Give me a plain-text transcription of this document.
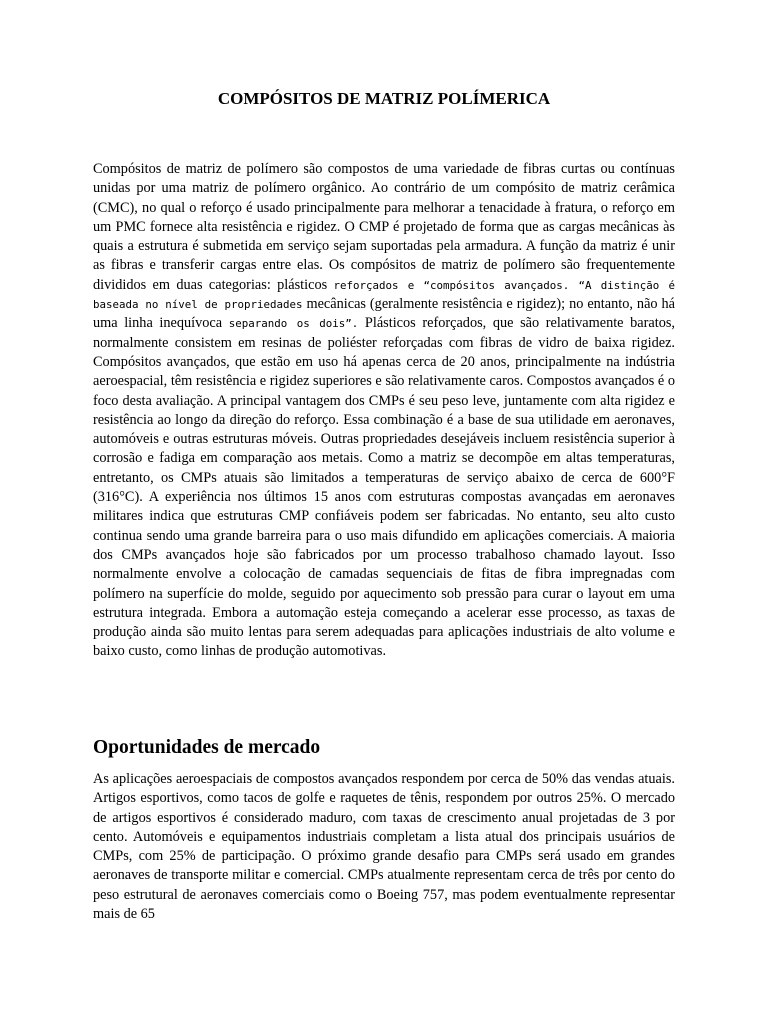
COMPÓSITOS DE MATRIZ POLÍMERICA

Compósitos de matriz de polímero são compostos de uma variedade de fibras curtas ou contínuas unidas por uma matriz de polímero orgânico. Ao contrário de um compósito de matriz cerâmica (CMC), no qual o reforço é usado principalmente para melhorar a tenacidade à fratura, o reforço em um PMC fornece alta resistência e rigidez. O CMP é projetado de forma que as cargas mecânicas às quais a estrutura é submetida em serviço sejam suportadas pela armadura. A função da matriz é unir as fibras e transferir cargas entre elas. Os compósitos de matriz de polímero são frequentemente divididos em duas categorias: plásticos reforçados e “compósitos avançados. “A distinção é baseada no nível de propriedades mecânicas (geralmente resistência e rigidez); no entanto, não há uma linha inequívoca separando os dois”. Plásticos reforçados, que são relativamente baratos, normalmente consistem em resinas de poliéster reforçadas com fibras de vidro de baixa rigidez. Compósitos avançados, que estão em uso há apenas cerca de 20 anos, principalmente na indústria aeroespacial, têm resistência e rigidez superiores e são relativamente caros. Compostos avançados é o foco desta avaliação. A principal vantagem dos CMPs é seu peso leve, juntamente com alta rigidez e resistência ao longo da direção do reforço. Essa combinação é a base de sua utilidade em aeronaves, automóveis e outras estruturas móveis. Outras propriedades desejáveis incluem resistência superior à corrosão e fadiga em comparação aos metais. Como a matriz se decompõe em altas temperaturas, entretanto, os CMPs atuais são limitados a temperaturas de serviço abaixo de cerca de 600°F (316°C). A experiência nos últimos 15 anos com estruturas compostas avançadas em aeronaves militares indica que estruturas CMP confiáveis podem ser fabricadas. No entanto, seu alto custo continua sendo uma grande barreira para o uso mais difundido em aplicações comerciais. A maioria dos CMPs avançados hoje são fabricados por um processo trabalhoso chamado layout. Isso normalmente envolve a colocação de camadas sequenciais de fitas de fibra impregnadas com polímero na superfície do molde, seguido por aquecimento sob pressão para curar o layout em uma estrutura integrada. Embora a automação esteja começando a acelerar esse processo, as taxas de produção ainda são muito lentas para serem adequadas para aplicações industriais de alto volume e baixo custo, como linhas de produção automotivas.

Oportunidades de mercado

As aplicações aeroespaciais de compostos avançados respondem por cerca de 50% das vendas atuais. Artigos esportivos, como tacos de golfe e raquetes de tênis, respondem por outros 25%. O mercado de artigos esportivos é considerado maduro, com taxas de crescimento anual projetadas de 3 por cento. Automóveis e equipamentos industriais completam a lista atual dos principais usuários de CMPs, com 25% de participação. O próximo grande desafio para CMPs será usado em grandes aeronaves de transporte militar e comercial. CMPs atualmente representam cerca de três por cento do peso estrutural de aeronaves comerciais como o Boeing 757, mas podem eventualmente representar mais de 65
